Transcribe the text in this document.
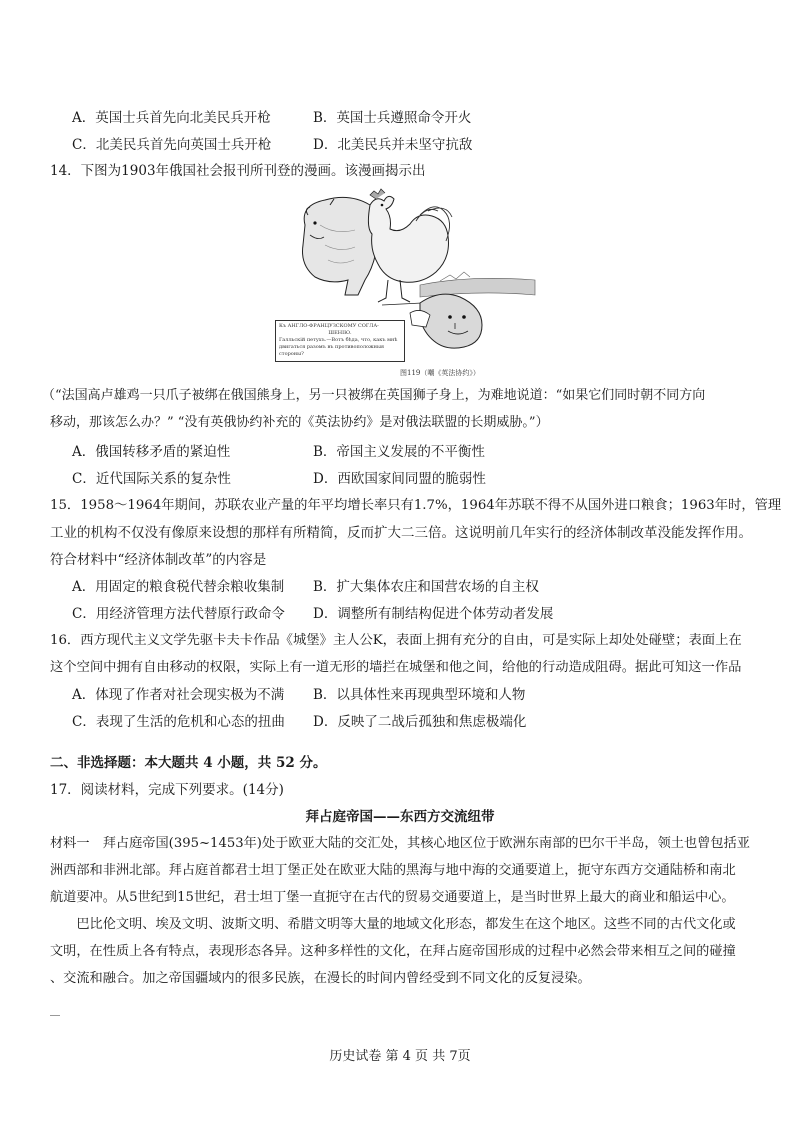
A．英国士兵首先向北美民兵开枪	B．英国士兵遵照命令开火
C．北美民兵首先向英国士兵开枪	D．北美民兵并未坚守抗敌
14．下图为1903年俄国社会报刊所刊登的漫画。该漫画揭示出
Къ АНГЛО-ФРАНЦУЗСКОМУ СОГЛА-
ШЕНІЮ.
Галльскій петухъ.—Вотъ бѣда, что, какъ мнѣ двигаться разомъ въ противоположныя стороны?
图119（嘲《英法协约》）
（“法国高卢雄鸡一只爪子被绑在俄国熊身上，另一只被绑在英国狮子身上，为难地说道：“如果它们同时朝不同方向
移动，那该怎么办？” “没有英俄协约补充的《英法协约》是对俄法联盟的长期威胁。”）
A．俄国转移矛盾的紧迫性	B．帝国主义发展的不平衡性
C．近代国际关系的复杂性	D．西欧国家间同盟的脆弱性
15．1958～1964年期间，苏联农业产量的年平均增长率只有1.7%，1964年苏联不得不从国外进口粮食；1963年时，管理
工业的机构不仅没有像原来设想的那样有所精简，反而扩大二三倍。这说明前几年实行的经济体制改革没能发挥作用。
符合材料中“经济体制改革”的内容是
A．用固定的粮食税代替余粮收集制 B．扩大集体农庄和国营农场的自主权
C．用经济管理方法代替原行政命令 D．调整所有制结构促进个体劳动者发展
16．西方现代主义文学先驱卡夫卡作品《城堡》主人公K，表面上拥有充分的自由，可是实际上却处处碰壁；表面上在
这个空间中拥有自由移动的权限，实际上有一道无形的墙拦在城堡和他之间，给他的行动造成阻碍。据此可知这一作品
A．体现了作者对社会现实极为不满 B．以具体性来再现典型环境和人物
C．表现了生活的危机和心态的扭曲 D．反映了二战后孤独和焦虑极端化
二、非选择题：本大题共 4 小题，共 52 分。
17．阅读材料，完成下列要求。(14分)
拜占庭帝国——东西方交流纽带
材料一　拜占庭帝国(395~1453年)处于欧亚大陆的交汇处，其核心地区位于欧洲东南部的巴尔干半岛，领土也曾包括亚
洲西部和非洲北部。拜占庭首都君士坦丁堡正处在欧亚大陆的黑海与地中海的交通要道上，扼守东西方交通陆桥和南北
航道要冲。从5世纪到15世纪，君士坦丁堡一直扼守在古代的贸易交通要道上，是当时世界上最大的商业和船运中心。
　　巴比伦文明、埃及文明、波斯文明、希腊文明等大量的地域文化形态，都发生在这个地区。这些不同的古代文化或
文明，在性质上各有特点，表现形态各异。这种多样性的文化，在拜占庭帝国形成的过程中必然会带来相互之间的碰撞
、交流和融合。加之帝国疆域内的很多民族，在漫长的时间内曾经受到不同文化的反复浸染。
历史试卷 第 4 页 共 7页
